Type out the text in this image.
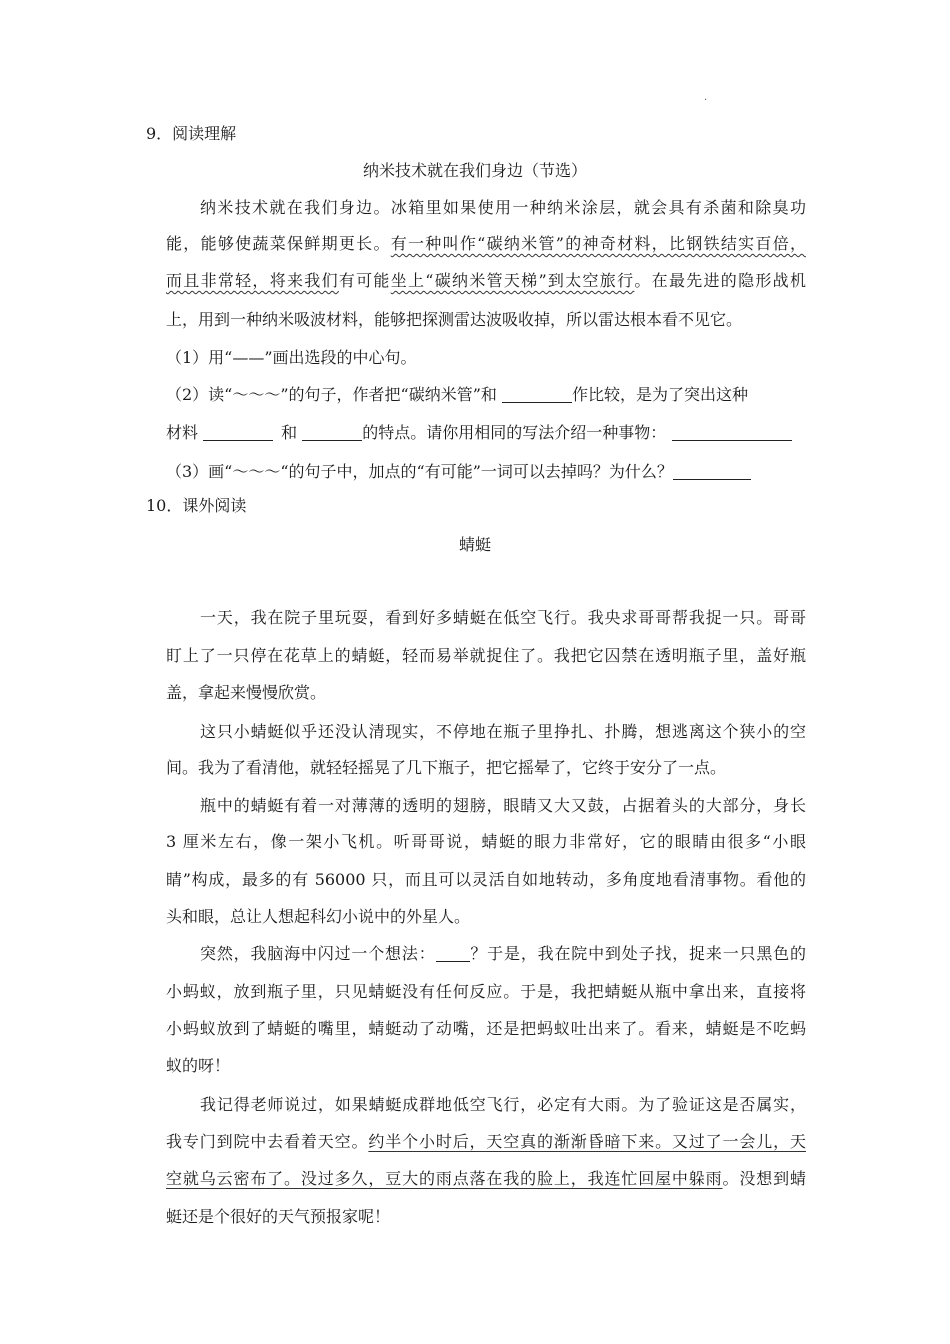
.
9．阅读理解
纳米技术就在我们身边（节选）
纳米技术就在我们身边。冰箱里如果使用一种纳米涂层，就会具有杀菌和除臭功
能，能够使蔬菜保鲜期更长。有一种叫作“碳纳米管”的神奇材料，比钢铁结实百倍，
而且非常轻，将来我们有可能坐上“碳纳米管天梯”到太空旅行。在最先进的隐形战机
上，用到一种纳米吸波材料，能够把探测雷达波吸收掉，所以雷达根本看不见它。
（1）用“——”画出选段的中心句。
（2）读“～～～”的句子，作者把“碳纳米管”和	作比较，是为了突出这种
材料	和	的特点。请你用相同的写法介绍一种事物：
（3）画“～～～“的句子中，加点的“有可能”一词可以去掉吗？为什么？
10．课外阅读
蜻蜓
一天，我在院子里玩耍，看到好多蜻蜓在低空飞行。我央求哥哥帮我捉一只。哥哥
盯上了一只停在花草上的蜻蜓，轻而易举就捉住了。我把它囚禁在透明瓶子里，盖好瓶
盖，拿起来慢慢欣赏。
这只小蜻蜓似乎还没认清现实，不停地在瓶子里挣扎、扑腾，想逃离这个狭小的空
间。我为了看清他，就轻轻摇晃了几下瓶子，把它摇晕了，它终于安分了一点。
瓶中的蜻蜓有着一对薄薄的透明的翅膀，眼睛又大又鼓，占据着头的大部分，身长
3 厘米左右，像一架小飞机。听哥哥说，蜻蜓的眼力非常好，它的眼睛由很多“小眼
睛”构成，最多的有 56000 只，而且可以灵活自如地转动，多角度地看清事物。看他的
头和眼，总让人想起科幻小说中的外星人。
突然，我脑海中闪过一个想法： ？于是，我在院中到处子找，捉来一只黑色的
小蚂蚁，放到瓶子里，只见蜻蜓没有任何反应。于是，我把蜻蜓从瓶中拿出来，直接将
小蚂蚁放到了蜻蜓的嘴里，蜻蜓动了动嘴，还是把蚂蚁吐出来了。看来，蜻蜓是不吃蚂
蚁的呀！
我记得老师说过，如果蜻蜓成群地低空飞行，必定有大雨。为了验证这是否属实，
我专门到院中去看着天空。约半个小时后，天空真的渐渐昏暗下来。又过了一会儿，天
空就乌云密布了。没过多久，豆大的雨点落在我的脸上，我连忙回屋中躲雨。没想到蜻
蜓还是个很好的天气预报家呢！
